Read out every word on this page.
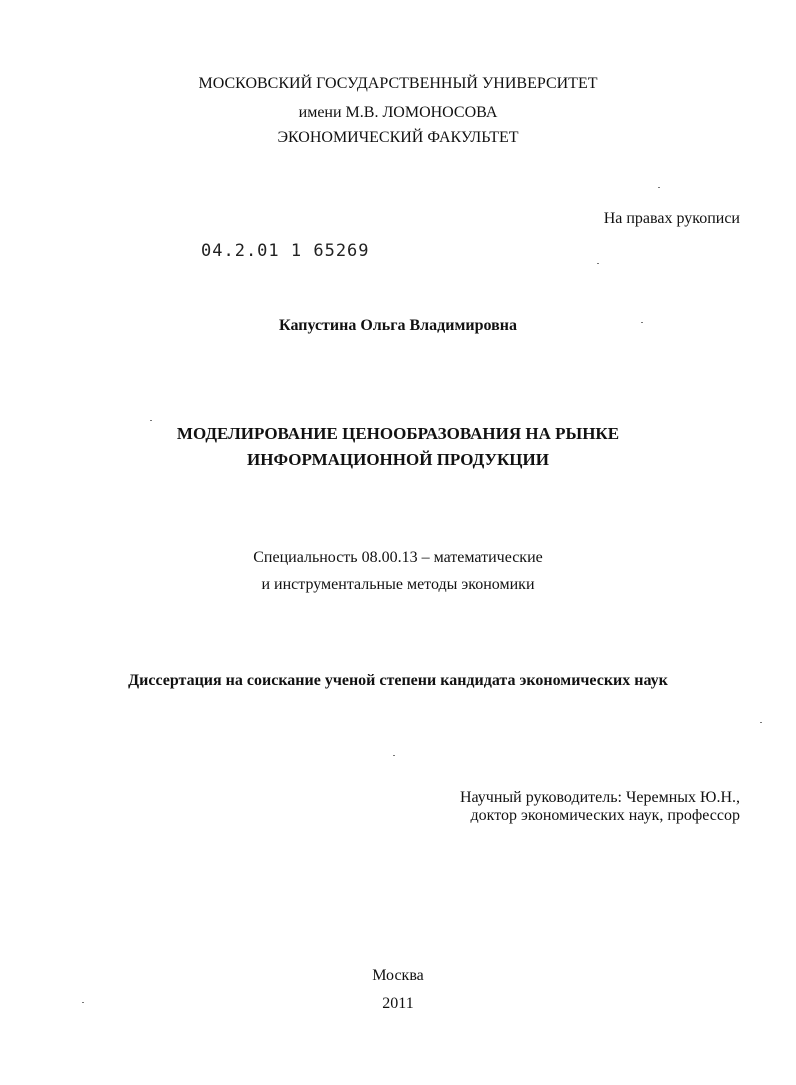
МОСКОВСКИЙ ГОСУДАРСТВЕННЫЙ УНИВЕРСИТЕТ
имени М.В. ЛОМОНОСОВА
ЭКОНОМИЧЕСКИЙ ФАКУЛЬТЕТ
На правах рукописи
04.2.01 1 65269
Капустина Ольга Владимировна
МОДЕЛИРОВАНИЕ ЦЕНООБРАЗОВАНИЯ НА РЫНКЕ
ИНФОРМАЦИОННОЙ ПРОДУКЦИИ
Специальность 08.00.13 – математические
и инструментальные методы экономики
Диссертация на соискание ученой степени кандидата экономических наук
Научный руководитель: Черемных Ю.Н.,
доктор экономических наук, профессор
Москва
2011
